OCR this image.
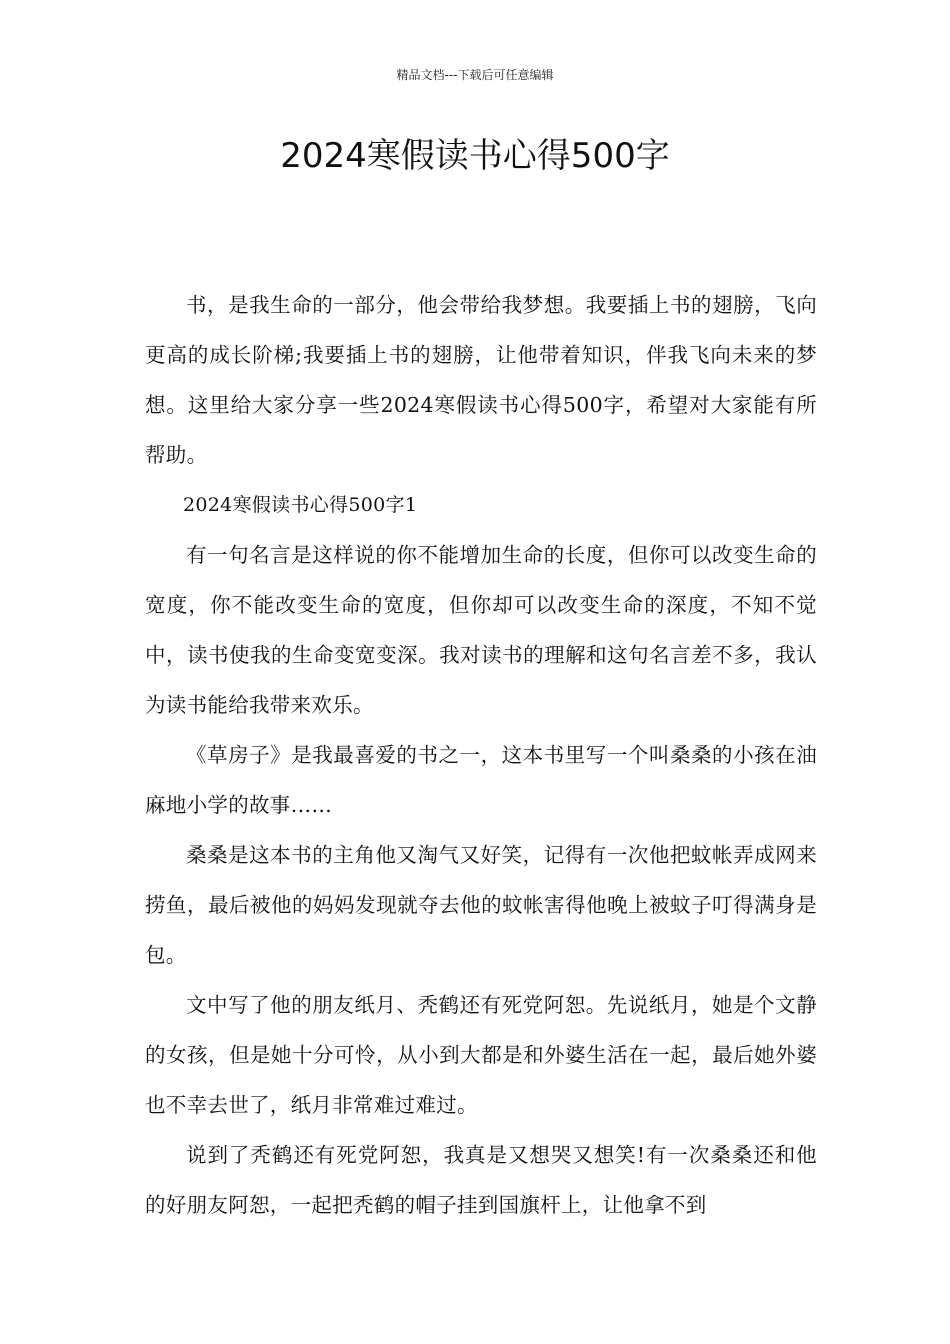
精品文档---下载后可任意编辑
2024寒假读书心得500字

书，是我生命的一部分，他会带给我梦想。我要插上书的翅膀，飞向更高的成长阶梯;我要插上书的翅膀，让他带着知识，伴我飞向未来的梦想。这里给大家分享一些2024寒假读书心得500字，希望对大家能有所帮助。

2024寒假读书心得500字1

有一句名言是这样说的你不能增加生命的长度，但你可以改变生命的宽度，你不能改变生命的宽度，但你却可以改变生命的深度，不知不觉中，读书使我的生命变宽变深。我对读书的理解和这句名言差不多，我认为读书能给我带来欢乐。

《草房子》是我最喜爱的书之一，这本书里写一个叫桑桑的小孩在油麻地小学的故事……

桑桑是这本书的主角他又淘气又好笑，记得有一次他把蚊帐弄成网来捞鱼，最后被他的妈妈发现就夺去他的蚊帐害得他晚上被蚊子叮得满身是包。

文中写了他的朋友纸月、秃鹤还有死党阿恕。先说纸月，她是个文静的女孩，但是她十分可怜，从小到大都是和外婆生活在一起，最后她外婆也不幸去世了，纸月非常难过难过。

说到了秃鹤还有死党阿恕，我真是又想哭又想笑!有一次桑桑还和他的好朋友阿恕，一起把秃鹤的帽子挂到国旗杆上，让他拿不到
